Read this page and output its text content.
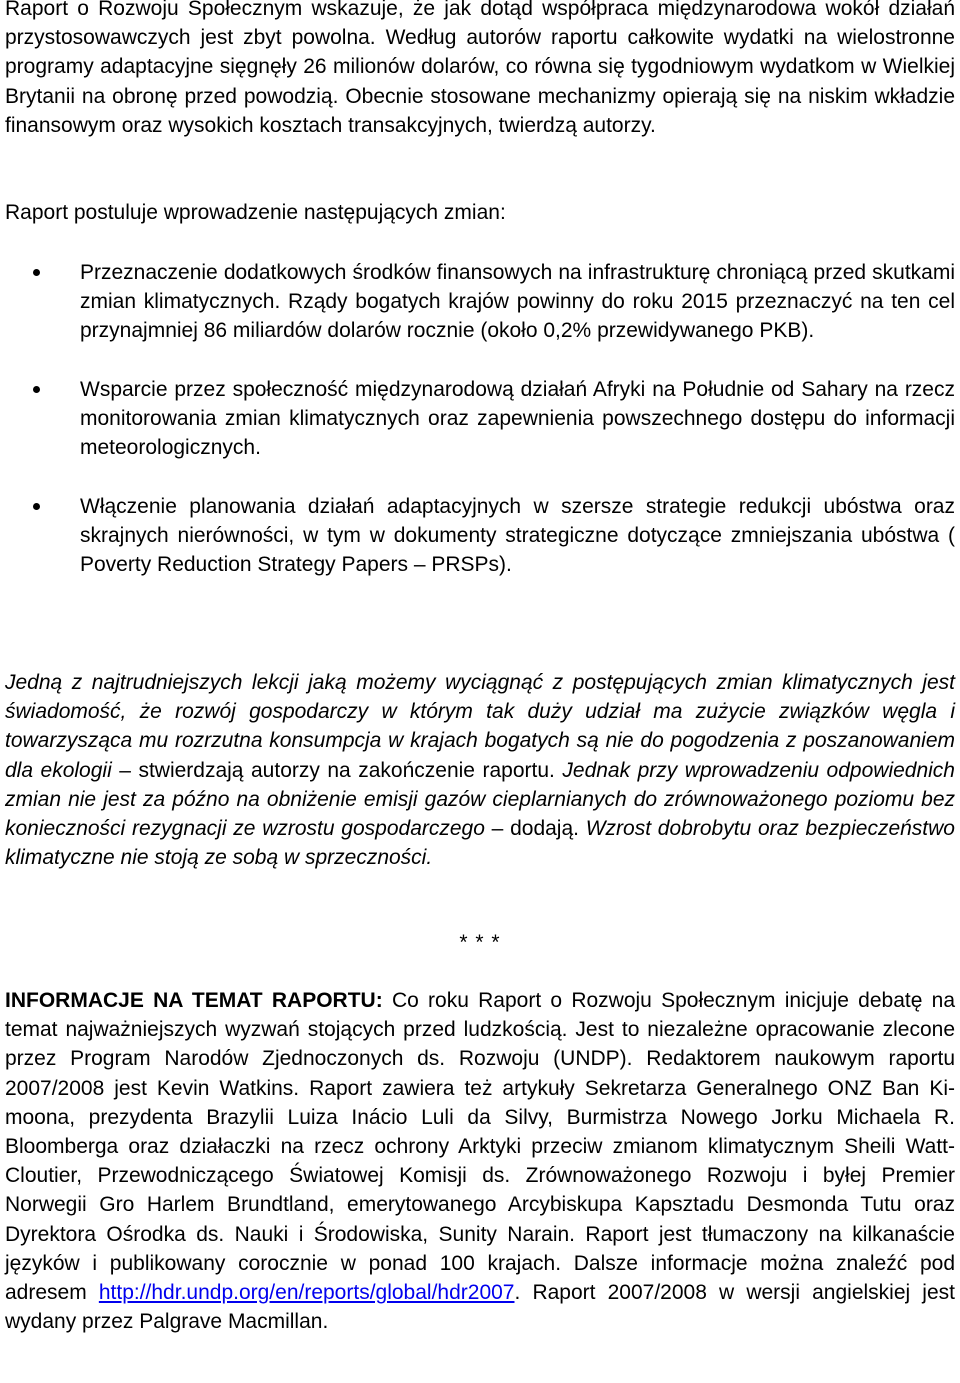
Raport o Rozwoju Społecznym wskazuje, że jak dotąd współpraca międzynarodowa wokół działań przystosowawczych jest zbyt powolna. Według autorów raportu całkowite wydatki na wielostronne programy adaptacyjne sięgnęły 26 milionów dolarów, co równa się tygodniowym wydatkom w Wielkiej Brytanii na obronę przed powodzią. Obecnie stosowane mechanizmy opierają się na niskim wkładzie finansowym oraz wysokich kosztach transakcyjnych, twierdzą autorzy.

Raport postuluje wprowadzenie następujących zmian:

Przeznaczenie dodatkowych środków finansowych na infrastrukturę chroniącą przed skutkami zmian klimatycznych. Rządy bogatych krajów powinny do roku 2015 przeznaczyć na ten cel przynajmniej 86 miliardów dolarów rocznie (około 0,2% przewidywanego PKB).
Wsparcie przez społeczność międzynarodową działań Afryki na Południe od Sahary na rzecz monitorowania zmian klimatycznych oraz zapewnienia powszechnego dostępu do informacji meteorologicznych.
Włączenie planowania działań adaptacyjnych w szersze strategie redukcji ubóstwa oraz skrajnych nierówności, w tym w dokumenty strategiczne dotyczące zmniejszania ubóstwa ( Poverty Reduction Strategy Papers – PRSPs).

Jedną z najtrudniejszych lekcji jaką możemy wyciągnąć z postępujących zmian klimatycznych jest świadomość, że rozwój gospodarczy w którym tak duży udział ma zużycie związków węgla i towarzysząca mu rozrzutna konsumpcja w krajach bogatych są nie do pogodzenia z poszanowaniem dla ekologii – stwierdzają autorzy na zakończenie raportu. Jednak przy wprowadzeniu odpowiednich zmian nie jest za późno na obniżenie emisji gazów cieplarnianych do zrównoważonego poziomu bez konieczności rezygnacji ze wzrostu gospodarczego – dodają. Wzrost dobrobytu oraz bezpieczeństwo klimatyczne nie stoją ze sobą w sprzeczności.

* * *

INFORMACJE NA TEMAT RAPORTU: Co roku Raport o Rozwoju Społecznym inicjuje debatę na temat najważniejszych wyzwań stojących przed ludzkością. Jest to niezależne opracowanie zlecone przez Program Narodów Zjednoczonych ds. Rozwoju (UNDP). Redaktorem naukowym raportu 2007/2008 jest Kevin Watkins. Raport zawiera też artykuły Sekretarza Generalnego ONZ Ban Ki-moona, prezydenta Brazylii Luiza Inácio Luli da Silvy, Burmistrza Nowego Jorku Michaela R. Bloomberga oraz działaczki na rzecz ochrony Arktyki przeciw zmianom klimatycznym Sheili Watt-Cloutier, Przewodniczącego Światowej Komisji ds. Zrównoważonego Rozwoju i byłej Premier Norwegii Gro Harlem Brundtland, emerytowanego Arcybiskupa Kapsztadu Desmonda Tutu oraz Dyrektora Ośrodka ds. Nauki i Środowiska, Sunity Narain. Raport jest tłumaczony na kilkanaście języków i publikowany corocznie w ponad 100 krajach. Dalsze informacje można znaleźć pod adresem http://hdr.undp.org/en/reports/global/hdr2007. Raport 2007/2008 w wersji angielskiej jest wydany przez Palgrave Macmillan.
